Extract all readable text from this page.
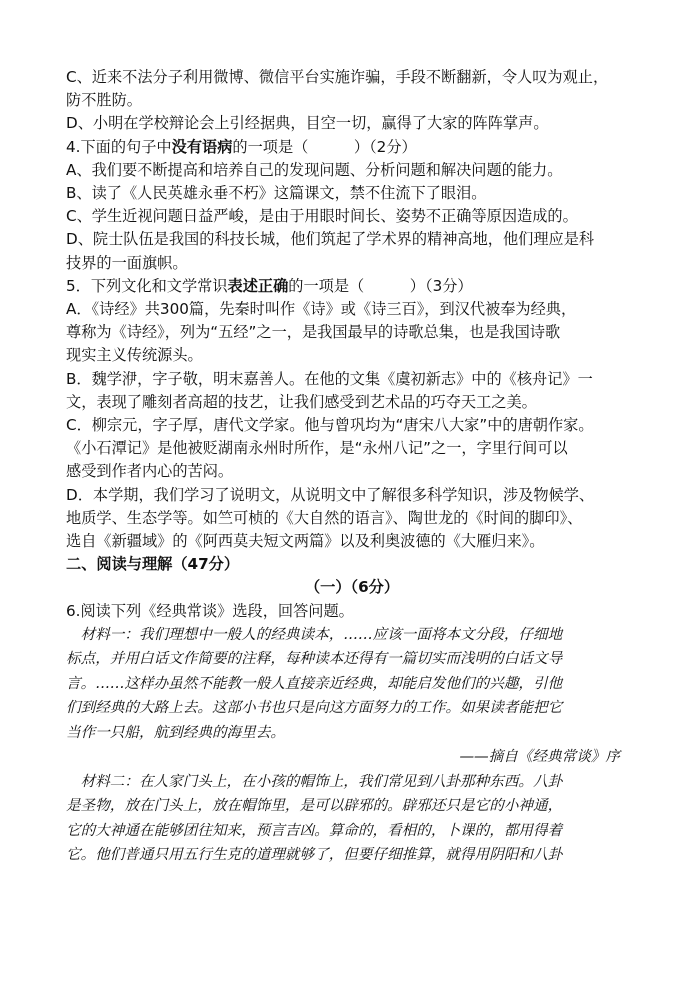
C、近来不法分子利用微博、微信平台实施诈骗，手段不断翻新，令人叹为观止，

防不胜防。

D、小明在学校辩论会上引经据典，目空一切，赢得了大家的阵阵掌声。

4.下面的句子中没有语病的一项是（　　　）（2分）

A、我们要不断提高和培养自己的发现问题、分析问题和解决问题的能力。

B、读了《人民英雄永垂不朽》这篇课文，禁不住流下了眼泪。

C、学生近视问题日益严峻，是由于用眼时间长、姿势不正确等原因造成的。

D、院士队伍是我国的科技长城，他们筑起了学术界的精神高地，他们理应是科

技界的一面旗帜。

5．下列文化和文学常识表述正确的一项是（　　　）（3分）

A．《诗经》共300篇，先秦时叫作《诗》或《诗三百》，到汉代被奉为经典，

尊称为《诗经》，列为“五经”之一，是我国最早的诗歌总集，也是我国诗歌

现实主义传统源头。

B．魏学洢，字子敬，明末嘉善人。在他的文集《虞初新志》中的《核舟记》一

文，表现了雕刻者高超的技艺，让我们感受到艺术品的巧夺天工之美。

C．柳宗元，字子厚，唐代文学家。他与曾巩均为“唐宋八大家”中的唐朝作家。

《小石潭记》是他被贬湖南永州时所作，是“永州八记”之一，字里行间可以

感受到作者内心的苦闷。

D．本学期，我们学习了说明文，从说明文中了解很多科学知识，涉及物候学、

地质学、生态学等。如竺可桢的《大自然的语言》、陶世龙的《时间的脚印》、

选自《新疆域》的《阿西莫夫短文两篇》以及利奥波德的《大雁归来》。

二、阅读与理解（47分）

（一）（6分）

6.阅读下列《经典常谈》选段，回答问题。

材料一：我们理想中一般人的经典读本，……应该一面将本文分段，仔细地

标点，并用白话文作简要的注释，每种读本还得有一篇切实而浅明的白话文导

言。……这样办虽然不能教一般人直接亲近经典，却能启发他们的兴趣，引他

们到经典的大路上去。这部小书也只是向这方面努力的工作。如果读者能把它

当作一只船，航到经典的海里去。

——摘自《经典常谈》序

材料二：在人家门头上，在小孩的帽饰上，我们常见到八卦那种东西。八卦

是圣物，放在门头上，放在帽饰里，是可以辟邪的。辟邪还只是它的小神通，

它的大神通在能够团往知来，预言吉凶。算命的，看相的，卜课的，都用得着

它。他们普通只用五行生克的道理就够了，但要仔细推算，就得用阴阳和八卦
